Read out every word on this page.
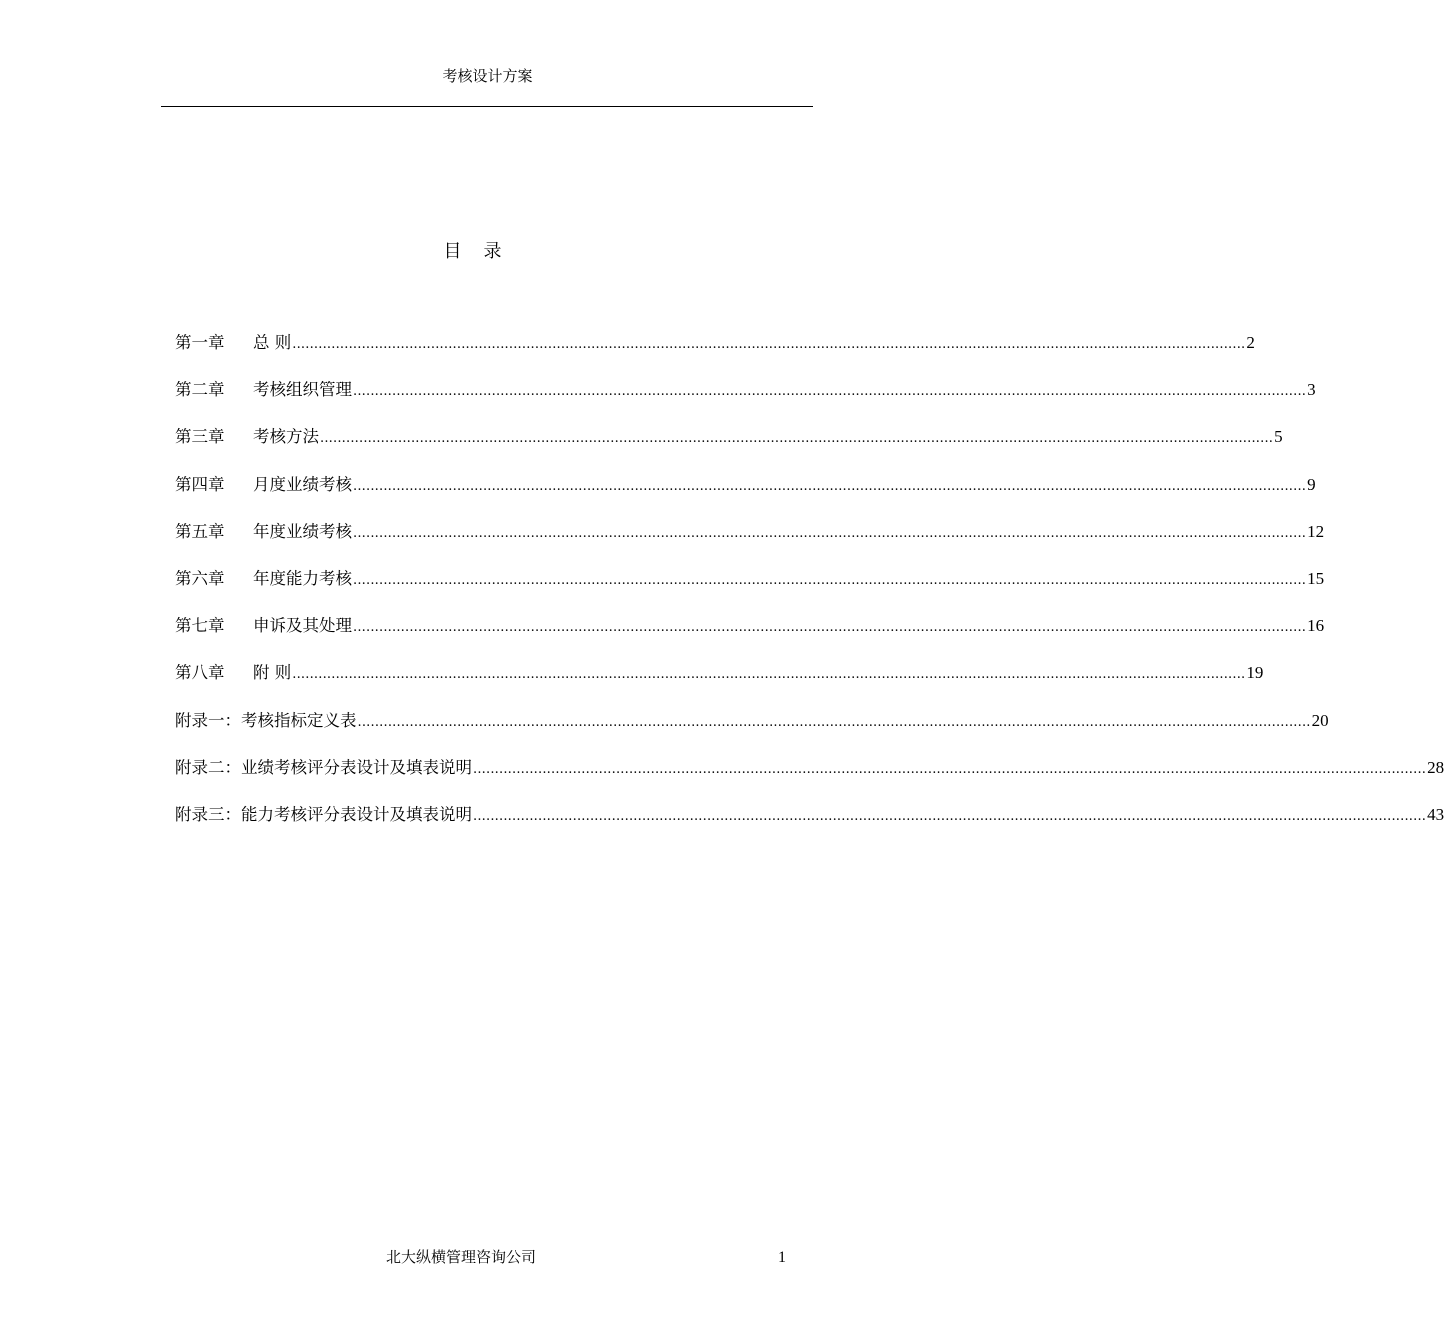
考核设计方案
目录
第一章	总 则 ............................................................................................................................................................................................................................ 2
第二章	考核组织管理 ............................................................................................................................................................................................................................ 3
第三章	考核方法 ............................................................................................................................................................................................................................ 5
第四章	月度业绩考核 ............................................................................................................................................................................................................................ 9
第五章	年度业绩考核 ............................................................................................................................................................................................................................ 12
第六章	年度能力考核 ............................................................................................................................................................................................................................ 15
第七章	申诉及其处理 ............................................................................................................................................................................................................................ 16
第八章	附 则 ............................................................................................................................................................................................................................ 19
附录一： 考核指标定义表 ............................................................................................................................................................................................................................ 20
附录二： 业绩考核评分表设计及填表说明 ............................................................................................................................................................................................................................ 28
附录三： 能力考核评分表设计及填表说明 ............................................................................................................................................................................................................................ 43
北大纵横管理咨询公司	1
